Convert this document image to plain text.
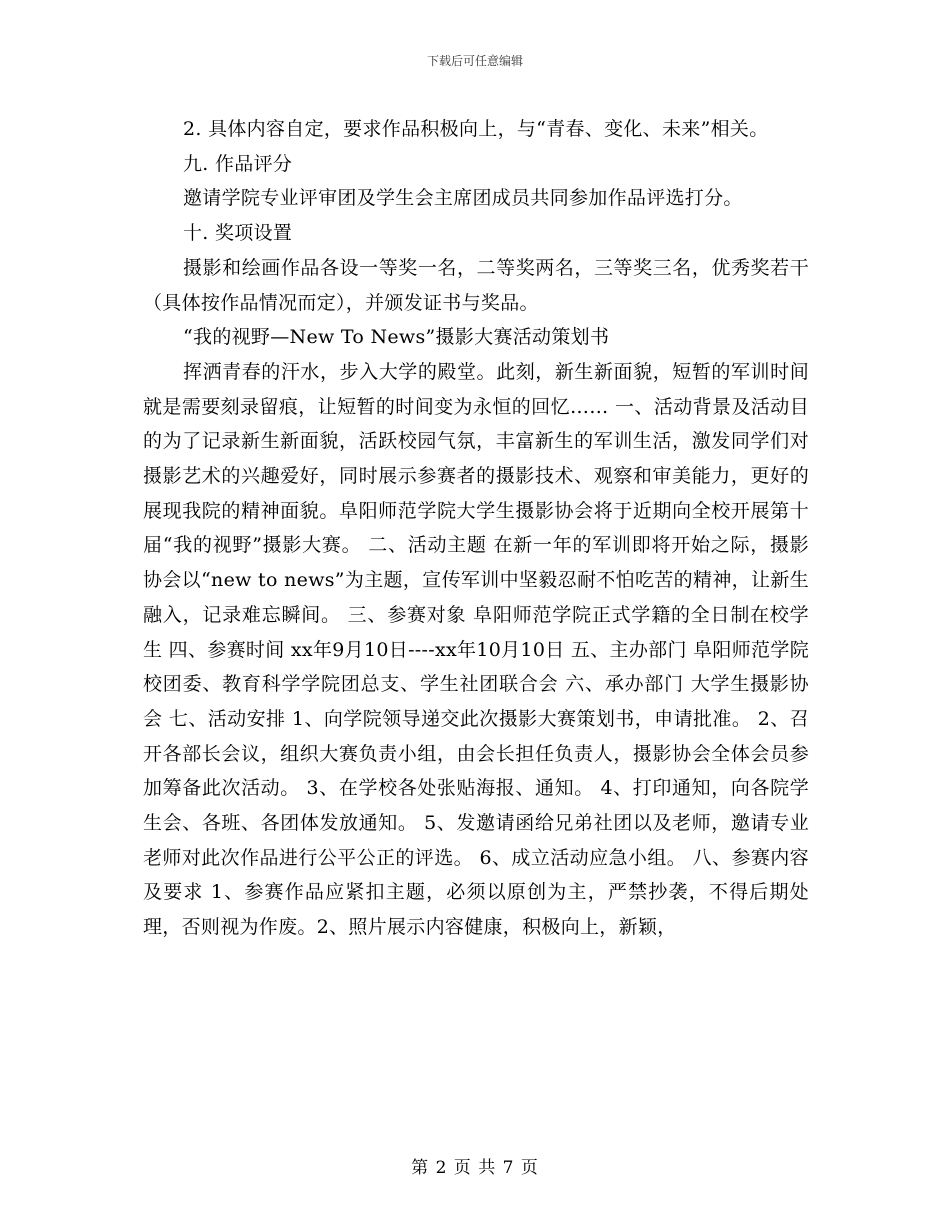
下载后可任意编辑

2. 具体内容自定，要求作品积极向上，与“青春、变化、未来”相关。

九. 作品评分

邀请学院专业评审团及学生会主席团成员共同参加作品评选打分。

十. 奖项设置

摄影和绘画作品各设一等奖一名，二等奖两名，三等奖三名，优秀奖若干（具体按作品情况而定），并颁发证书与奖品。

“我的视野—New To News”摄影大赛活动策划书

挥洒青春的汗水，步入大学的殿堂。此刻，新生新面貌，短暂的军训时间就是需要刻录留痕，让短暂的时间变为永恒的回忆…… 一、活动背景及活动目的为了记录新生新面貌，活跃校园气氛，丰富新生的军训生活，激发同学们对摄影艺术的兴趣爱好，同时展示参赛者的摄影技术、观察和审美能力，更好的展现我院的精神面貌。阜阳师范学院大学生摄影协会将于近期向全校开展第十届“我的视野”摄影大赛。 二、活动主题 在新一年的军训即将开始之际，摄影协会以“new to news”为主题，宣传军训中坚毅忍耐不怕吃苦的精神，让新生融入，记录难忘瞬间。 三、参赛对象 阜阳师范学院正式学籍的全日制在校学生 四、参赛时间 xx年9月10日----xx年10月10日 五、主办部门 阜阳师范学院校团委、教育科学学院团总支、学生社团联合会 六、承办部门 大学生摄影协会 七、活动安排 1、向学院领导递交此次摄影大赛策划书，申请批准。 2、召开各部长会议，组织大赛负责小组，由会长担任负责人，摄影协会全体会员参加筹备此次活动。 3、在学校各处张贴海报、通知。 4、打印通知，向各院学生会、各班、各团体发放通知。 5、发邀请函给兄弟社团以及老师，邀请专业老师对此次作品进行公平公正的评选。 6、成立活动应急小组。 八、参赛内容及要求 1、参赛作品应紧扣主题，必须以原创为主，严禁抄袭，不得后期处理，否则视为作废。2、照片展示内容健康，积极向上，新颖，

第 2 页 共 7 页
